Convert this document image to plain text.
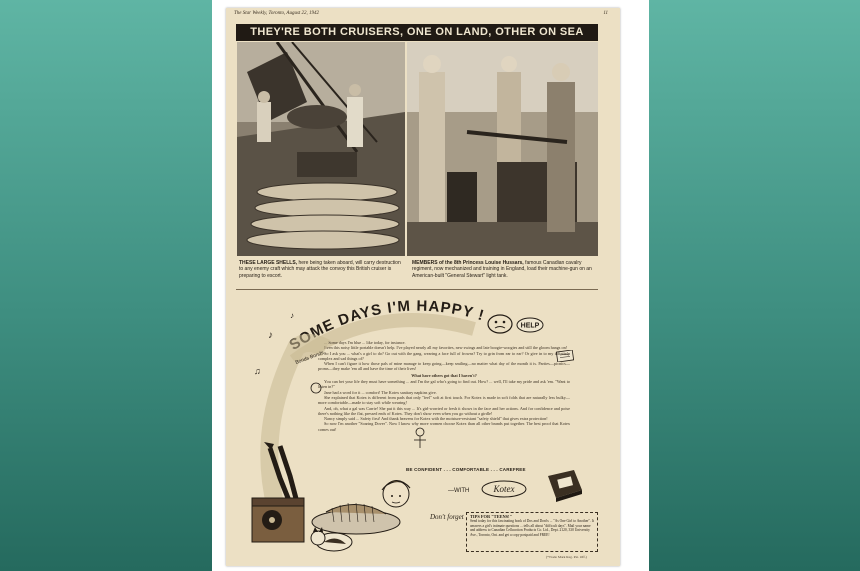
The Star Weekly, Toronto, August 22, 1942	11
THEY'RE BOTH CRUISERS, ONE ON LAND, OTHER ON SEA
THESE LARGE SHELLS, here being taken aboard, will carry destruction to any enemy craft which may attack the convoy this British cruiser is preparing to escort.
MEMBERS of the 8th Princess Louise Hussars, famous Canadian cavalry regiment, now mechanized and training in England, load their machine-gun on an American-built "General Stewart" light tank.
SOME DAYS I'M HAPPY !
HELP

... Some days I'm blue ... like today, for instance.

Even this noisy little portable doesn't help. I've played nearly all my favorites, new swings and late boogie-woogies and still the gloom hangs on!

So I ask you ... what's a girl to do? Go out with the gang, wearing a face full of frowns? Try to grin from ear to ear? Or give in to my infinitely complex and sad things of?

When I can't figure it how those pals of mine manage to keep going—keep smiling—no matter what day of the month it is. Parties—picnics—proms—they make 'em all and have the time of their lives!

What have others got that I haven't?

You can bet your life they must have something ... and I'm the gal who's going to find out. How? ... well, I'll take my pride and ask 'em. "Want to listen in?"

Jane had a word for it ... comfort! The Kotex sanitary napkins give.

She explained that Kotex is different from pads that only "feel" soft at first touch. For Kotex is made in soft folds that are naturally less bulky—more comfortable—made to stay soft while wearing!

And, oh, what a gal was Carrie! She put it this way ... It's girl-worried or fresh it shows in the face and her actions. And for confidence and poise there's nothing like the flat, pressed ends of Kotex. They don't show even when you go without a girdle!

Nancy simply said ... Safety first! And thank heavens for Kotex with the moisture-resistant "safety shield" that gives extra protection!

So now I'm another "Soaring Dover". Now I know why more women choose Kotex than all other brands put together. The best proof that Kotex comes out!

BE CONFIDENT . . . COMFORTABLE . . . CAREFREE
—WITH	Kotex
♪
♫
♪
Bonds Bonds
Don't forget TIPS FOR "TEENS!"
Send today for this fascinating book of Dos and Don'ts ... "As One Girl to Another". It answers a girl's intimate questions ... tells all about "difficult days". Mail your name and address to Canadian Cellucotton Products Co. Ltd., Dept. 2120, 330 University Ave., Toronto, Ont. and get a copy postpaid and FREE!
(*Trade Mark Reg. Pat. Off.)
